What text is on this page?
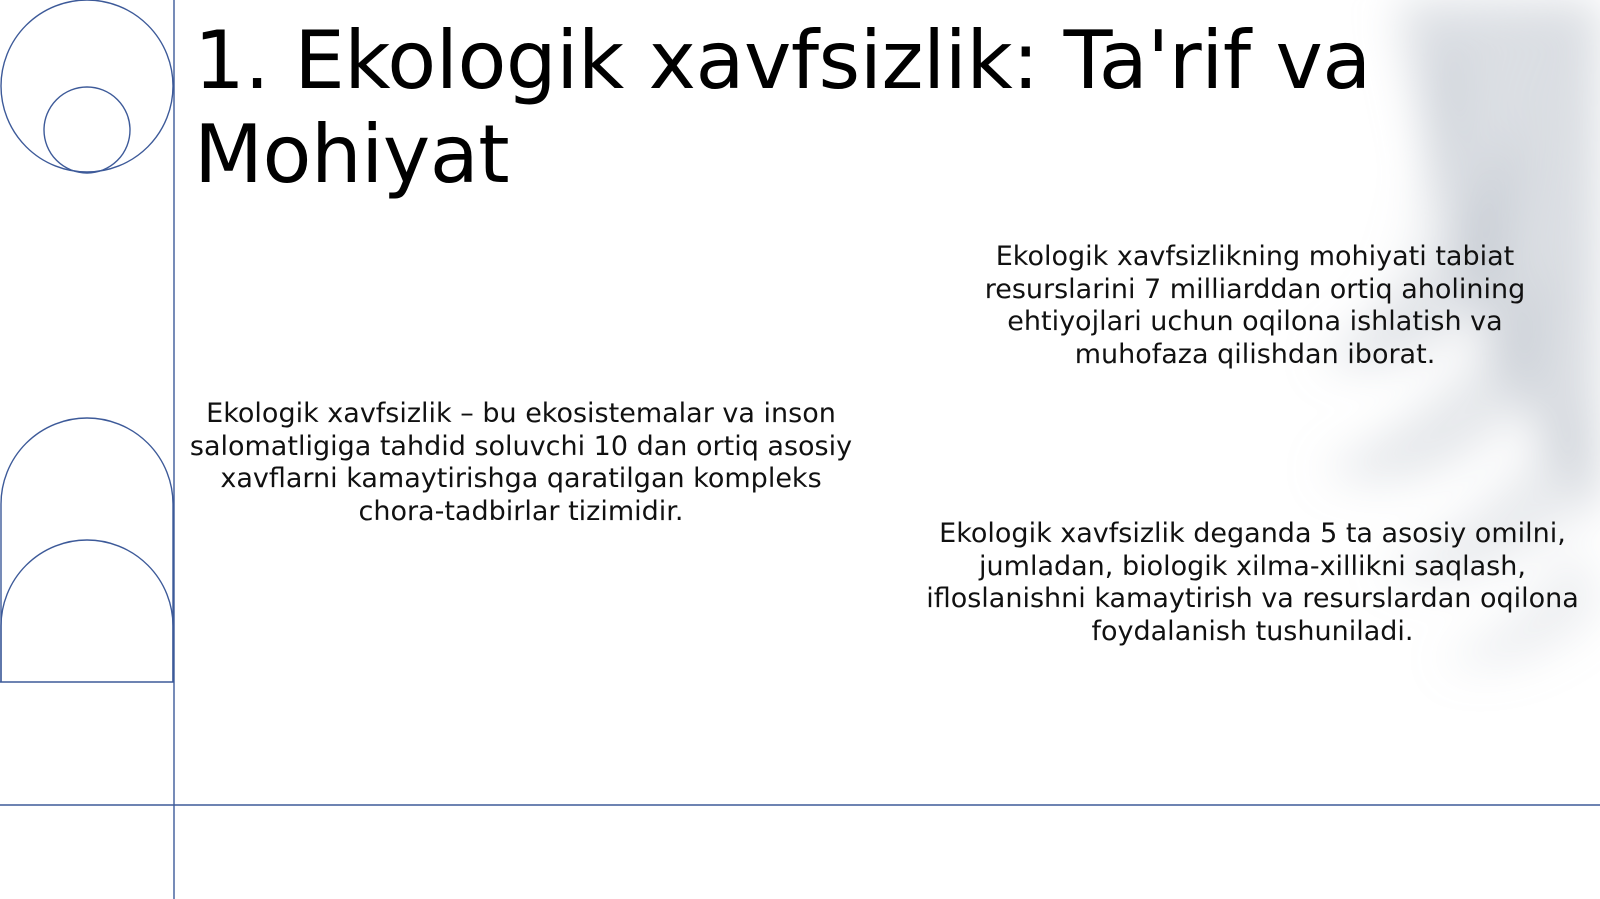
1. Ekologik xavfsizlik: Ta'rif va Mohiyat

Ekologik xavfsizlik – bu ekosistemalar va inson salomatligiga tahdid soluvchi 10 dan ortiq asosiy xavflarni kamaytirishga qaratilgan kompleks chora-tadbirlar tizimidir.

Ekologik xavfsizlikning mohiyati tabiat resurslarini 7 milliarddan ortiq aholining ehtiyojlari uchun oqilona ishlatish va muhofaza qilishdan iborat.

Ekologik xavfsizlik deganda 5 ta asosiy omilni, jumladan, biologik xilma-xillikni saqlash, ifloslanishni kamaytirish va resurslardan oqilona foydalanish tushuniladi.
